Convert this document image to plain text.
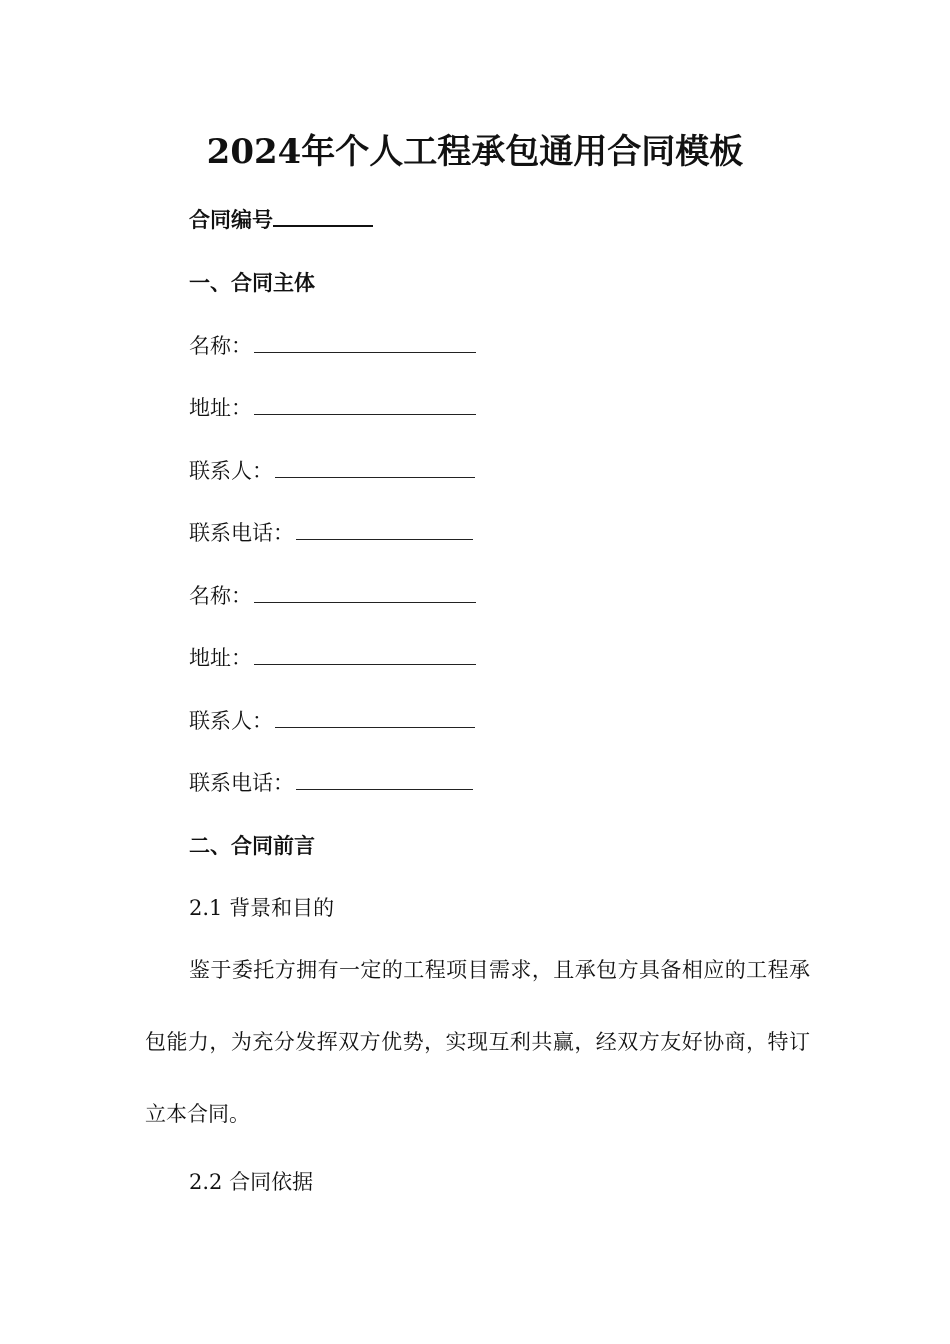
2024年个人工程承包通用合同模板
合同编号
一、合同主体
名称：
地址：
联系人：
联系电话：
名称：
地址：
联系人：
联系电话：
二、合同前言
2.1 背景和目的
鉴于委托方拥有一定的工程项目需求，且承包方具备相应的工程承包能力，为充分发挥双方优势，实现互利共赢，经双方友好协商，特订立本合同。
2.2 合同依据
